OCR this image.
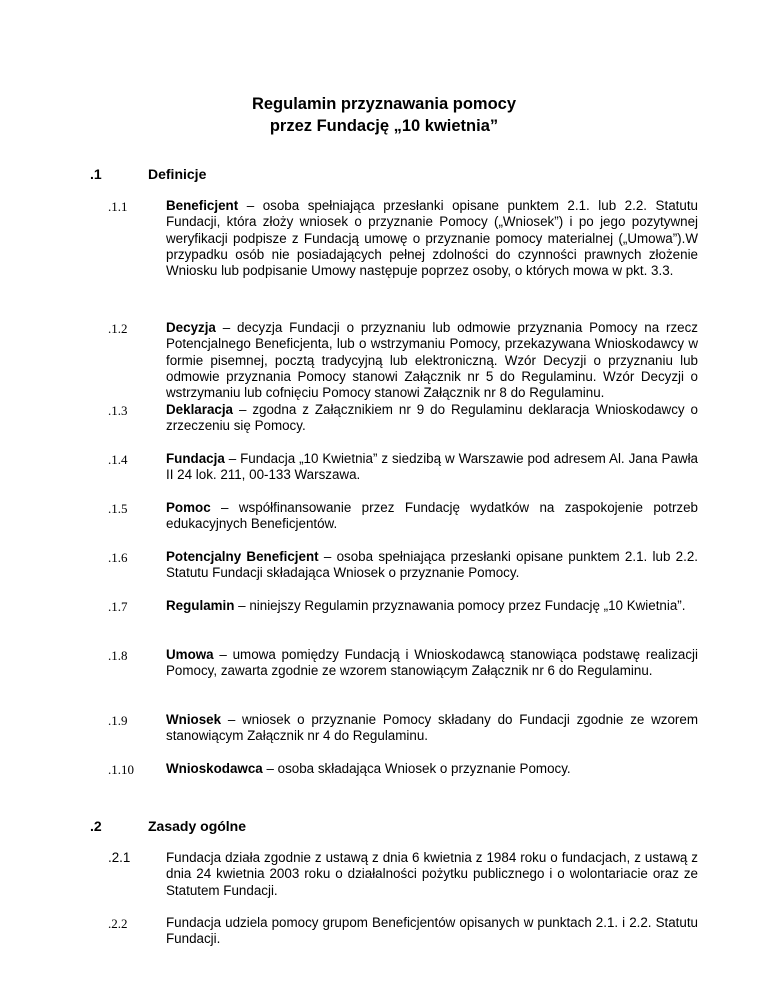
Regulamin przyznawania pomocy
przez Fundację „10 kwietnia”
.1	Definicje
.1.1	Beneficjent – osoba spełniająca przesłanki opisane punktem 2.1. lub 2.2. Statutu Fundacji, która złoży wniosek o przyznanie Pomocy („Wniosek”) i po jego pozytywnej weryfikacji podpisze z Fundacją umowę o przyznanie pomocy materialnej („Umowa”).W przypadku osób nie posiadających pełnej zdolności do czynności prawnych złożenie Wniosku lub podpisanie Umowy następuje poprzez osoby, o których mowa w pkt. 3.3.
.1.2	Decyzja – decyzja Fundacji o przyznaniu lub odmowie przyznania Pomocy na rzecz Potencjalnego Beneficjenta, lub o wstrzymaniu Pomocy, przekazywana Wnioskodawcy w formie pisemnej, pocztą tradycyjną lub elektroniczną. Wzór Decyzji o przyznaniu lub odmowie przyznania Pomocy stanowi Załącznik nr 5 do Regulaminu. Wzór Decyzji o wstrzymaniu lub cofnięciu Pomocy stanowi Załącznik nr 8 do Regulaminu.
.1.3	Deklaracja – zgodna z Załącznikiem nr 9 do Regulaminu deklaracja Wnioskodawcy o zrzeczeniu się Pomocy.
.1.4	Fundacja – Fundacja „10 Kwietnia” z siedzibą w Warszawie pod adresem Al. Jana Pawła II 24 lok. 211, 00-133 Warszawa.
.1.5	Pomoc – współfinansowanie przez Fundację wydatków na zaspokojenie potrzeb edukacyjnych Beneficjentów.
.1.6	Potencjalny Beneficjent – osoba spełniająca przesłanki opisane punktem 2.1. lub 2.2. Statutu Fundacji składająca Wniosek o przyznanie Pomocy.
.1.7	Regulamin – niniejszy Regulamin przyznawania pomocy przez Fundację „10 Kwietnia”.
.1.8	Umowa – umowa pomiędzy Fundacją i Wnioskodawcą stanowiąca podstawę realizacji Pomocy, zawarta zgodnie ze wzorem stanowiącym Załącznik nr 6 do Regulaminu.
.1.9	Wniosek – wniosek o przyznanie Pomocy składany do Fundacji zgodnie ze wzorem stanowiącym Załącznik nr 4 do Regulaminu.
.1.10 Wnioskodawca – osoba składająca Wniosek o przyznanie Pomocy.
.2	Zasady ogólne
.2.1	Fundacja działa zgodnie z ustawą z dnia 6 kwietnia z 1984 roku o fundacjach, z ustawą z dnia 24 kwietnia 2003 roku o działalności pożytku publicznego i o wolontariacie oraz ze Statutem Fundacji.
.2.2	Fundacja udziela pomocy grupom Beneficjentów opisanych w punktach 2.1. i 2.2. Statutu Fundacji.
